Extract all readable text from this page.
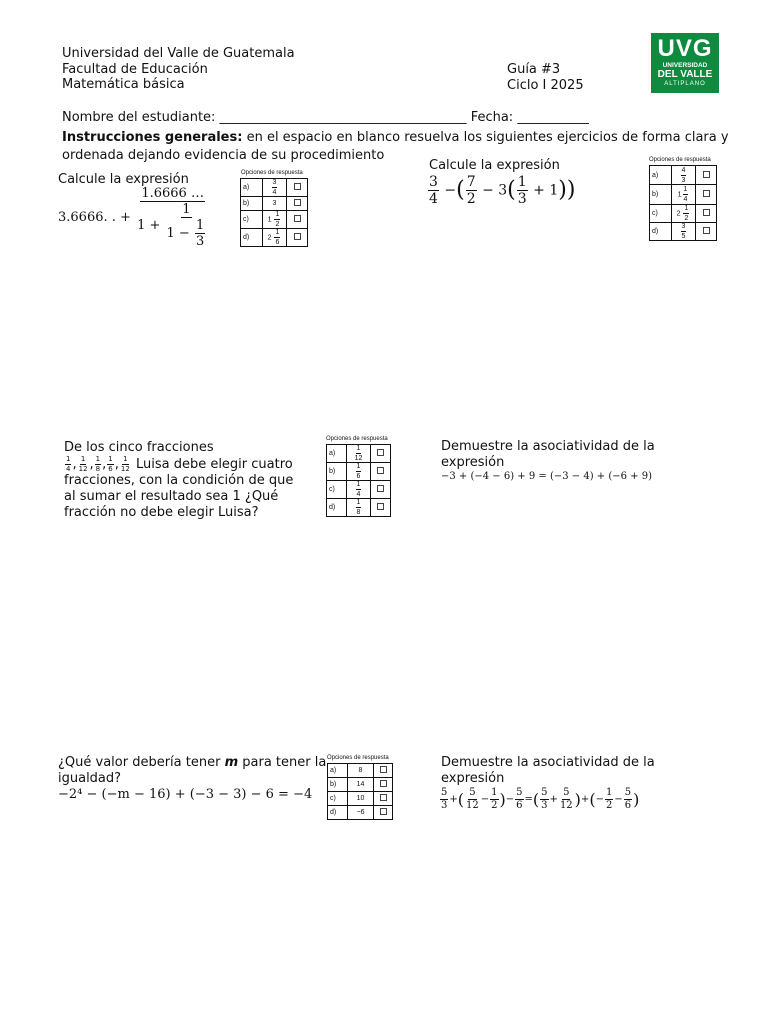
Universidad del Valle de Guatemala
Facultad de Educación
Matemática básica
Guía #3
Ciclo I 2025
UVG
UNIVERSIDAD
DEL VALLE
ALTIPLANO
Nombre del estudiante: ______________________________________ Fecha: ___________
Instrucciones generales: en el espacio en blanco resuelva los siguientes ejercicios de forma clara y ordenada dejando evidencia de su procedimiento
Calcule la expresión
3.6666. . +
1.6666 …
$1 + \frac{1}{1 - \frac{1}{3}}$
Opciones de respuesta
a)	$\frac{3}{4}$

b)	3	
c)	$1 \frac{1}{2}$

d)	$2 \frac{1}{6}$

Calcule la expresión
$\frac{3}{4}$ −( $\frac{7}{2} - 3( \frac{1}{3} + 1)$)
Opciones de respuesta
a)	$\frac{4}{3}$

b)	$1 \frac{1}{4}$

c)	$2 \frac{1}{2}$

d)	$\frac{3}{5}$

De los cinco fracciones
$\frac{1}{4}$ , $\frac{1}{12}$ , $\frac{1}{8}$ , $\frac{1}{6}$ , $\frac{1}{12}$ Luisa debe elegir cuatro
fracciones, con la condición de que
al sumar el resultado sea 1 ¿Qué
fracción no debe elegir Luisa?
Opciones de respuesta
a)	$\frac{1}{12}$

b)	$\frac{1}{6}$

c)	$\frac{1}{4}$

d)	$\frac{1}{8}$

Demuestre la asociatividad de la expresión
−3 + (−4 − 6) + 9 = (−3 − 4) + (−6 + 9)
¿Qué valor debería tener m para tener la igualdad?
−2⁴ − (−m − 16) + (−3 − 3) − 6 = −4
Opciones de respuesta
a)	8	
b)	14	
c)	10	
d)	−6	
Demuestre la asociatividad de la expresión
$\frac{5}{3}$ +( $\frac{5}{12} - \frac{1}{2}$ )− $\frac{5}{6}$ =( $\frac{5}{3} + \frac{5}{12}$ )+(− $\frac{1}{2} - \frac{5}{6}$ )
